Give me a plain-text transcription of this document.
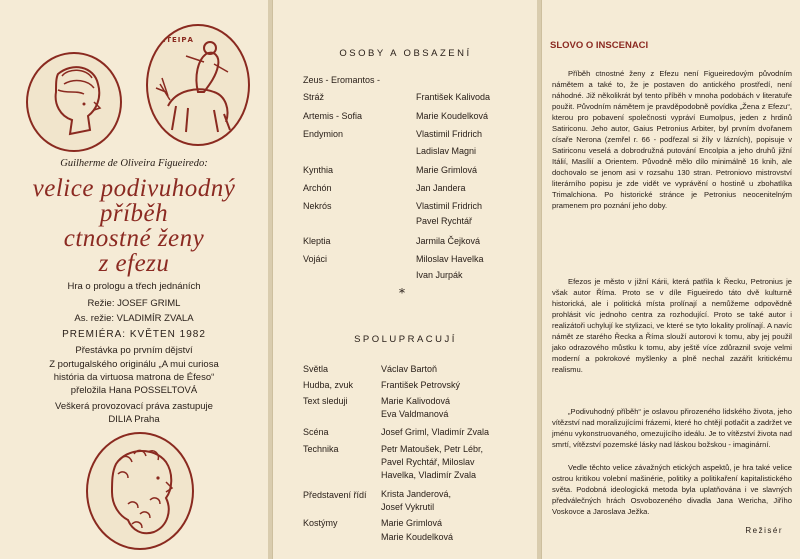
ΣΑΤΕΙΡΑ
Guilherme de Oliveira Figueiredo:
velice podivuhodný
příběh
ctnostné ženy
z efezu
Hra o prologu a třech jednáních
Režie: JOSEF GRIML
As. režie: VLADIMÍR ZVALA
PREMIÉRA: KVĚTEN 1982
Přestávka po prvním dějství
Z portugalského originálu „A mui curiosa
história da virtuosa matrona de Éfeso“
přeložila Hana POSSELTOVÁ
Veškerá provozovací práva zastupuje
DILIA Praha
OSOBY A OBSAZENÍ
Zeus - Eromantos -
Stráž	František Kalivoda
Artemis - Sofia	Marie Koudelková
Endymion	Vlastimil Fridrich
Ladislav Magni
Kynthia	Marie Grimlová
Archón	Jan Jandera
Nekrós	Vlastimil Fridrich
Pavel Rychtář
Kleptia	Jarmila Čejková
Vojáci	Miloslav Havelka
Ivan Jurpák
*
SPOLUPRACUJÍ
Světla	Václav Bartoň
Hudba, zvuk	František Petrovský
Text sleduji	Marie Kalivodová
Eva Valdmanová
Scéna	Josef Griml, Vladimír Zvala
Technika	Petr Matoušek, Petr Lébr,
Pavel Rychtář, Miloslav
Havelka, Vladimír Zvala
Představení řídí	Krista Janderová,
Josef Vykrutil
Kostýmy	Marie Grimlová
Marie Koudelková
SLOVO O INSCENACI

Příběh ctnostné ženy z Efezu není Figueiredovým původním námětem a také to, že je postaven do antického prostředí, není náhodné. Již několikrát byl tento příběh v mnoha podobách v literatuře použit. Původním námětem je pravděpodobně povídka „Žena z Efezu“, kterou pro pobavení společnosti vypráví Eumolpus, jeden z hrdinů Satiriconu. Jeho autor, Gaius Petronius Arbiter, byl prvním dvořanem císaře Nerona (zemřel r. 66 - podřezal si žíly v lázních), popisuje v Satiriconu veselá a dobrodružná putování Encolpia a jeho druhů jižní Itálií, Masílií a Orientem. Původně mělo dílo minimálně 16 knih, ale dochovalo se jenom asi v rozsahu 130 stran. Petroniovo mistrovství literárního popisu je zde vidět ve vyprávění o hostině u zbohatlíka Trimalchiona. Po historické stránce je Petronius neocenitelným pramenem pro poznání jeho doby.

Efezos je město v jižní Kárii, která patřila k Řecku, Petronius je však autor Říma. Proto se v díle Figueiredo táto dvě kulturně historická, ale i politická místa prolínají a nemůžeme odpovědně prohlásit víc jednoho centra za rozhodující. Proto se také autor i realizátoři uchylují ke stylizaci, ve které se tyto lokality prolínají. A navíc námět ze starého Řecka a Říma slouží autorovi k tomu, aby jej použil jako odrazového můstku k tomu, aby ještě více zdůraznil svoje velmi moderní a pokrokové myšlenky a plně nechal zazářit kritickému realismu.

„Podivuhodný příběh“ je oslavou přirozeného lidského života, jeho vítězství nad moralizujícími frázemi, které ho chtějí potlačit a zadržet ve jménu vykonstruovaného, omezujícího ideálu. Je to vítězství života nad smrtí, vítězství pozemské lásky nad láskou božskou - imaginární.

Vedle těchto velice závažných etických aspektů, je hra také velice ostrou kritikou volební mašinérie, politiky a politikaření kapitalistického světa. Podobná ideologická metoda byla uplatňována i ve slavných předválečných hrách Osvobozeného divadla Jana Wericha, Jiřího Voskovce a Jaroslava Ježka.

Režisér
